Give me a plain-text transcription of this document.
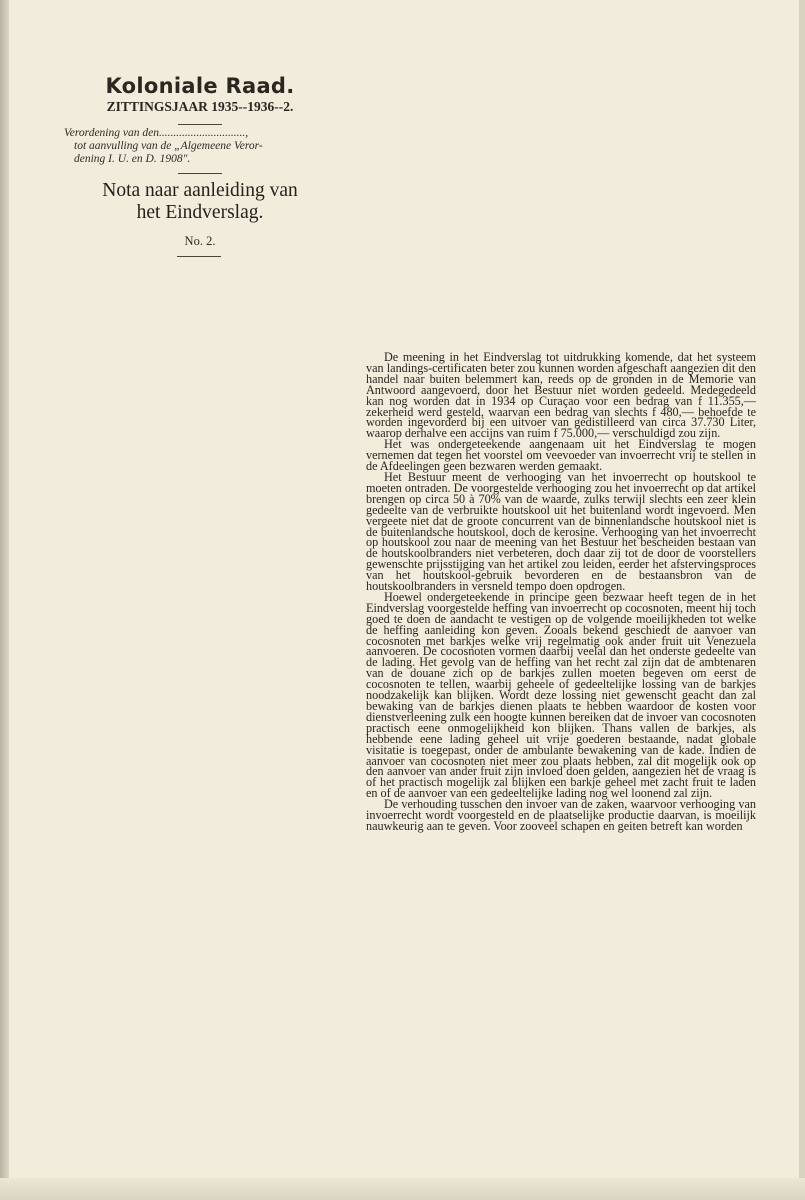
Koloniale Raad.
ZITTINGSJAAR 1935--1936--2.
Verordening van den..............................,
tot aanvulling van de „Algemeene Veror-
dening I. U. en D. 1908".
Nota naar aanleiding van
het Eindverslag.
No. 2.

De meening in het Eindverslag tot uitdrukking komende, dat het systeem van landings-certificaten beter zou kunnen worden afgeschaft aangezien dit den handel naar buiten belemmert kan, reeds op de gronden in de Memorie van Antwoord aangevoerd, door het Bestuur niet worden gedeeld. Medegedeeld kan nog worden dat in 1934 op Curaçao voor een bedrag van f 11.355,— zekerheid werd gesteld, waarvan een bedrag van slechts f 480,— behoefde te worden ingevorderd bij een uitvoer van gedistilleerd van circa 37.730 Liter, waarop derhalve een accijns van ruim f 75.000,— verschuldigd zou zijn.

Het was ondergeteekende aangenaam uit het Eindverslag te mogen vernemen dat tegen het voorstel om veevoeder van invoerrecht vrij te stellen in de Afdeelingen geen bezwaren werden gemaakt.

Het Bestuur meent de verhooging van het invoerrecht op houtskool te moeten ontraden. De voorgestelde verhooging zou het invoerrecht op dat artikel brengen op circa 50 à 70% van de waarde, zulks terwijl slechts een zeer klein gedeelte van de verbruikte houtskool uit het buitenland wordt ingevoerd. Men vergeete niet dat de groote concurrent van de binnenlandsche houtskool niet is de buitenlandsche houtskool, doch de kerosine. Verhooging van het invoerrecht op houtskool zou naar de meening van het Bestuur het bescheiden bestaan van de houtskoolbranders niet verbeteren, doch daar zij tot de door de voorstellers gewenschte prijsstijging van het artikel zou leiden, eerder het afstervingsproces van het houtskool-gebruik bevorderen en de bestaansbron van de houtskoolbranders in versneld tempo doen opdrogen.

Hoewel ondergeteekende in principe geen bezwaar heeft tegen de in het Eindverslag voorgestelde heffing van invoerrecht op cocosnoten, meent hij toch goed te doen de aandacht te vestigen op de volgende moeilijkheden tot welke de heffing aanleiding kon geven. Zooals bekend geschiedt de aanvoer van cocosnoten met barkjes welke vrij regelmatig ook ander fruit uit Venezuela aanvoeren. De cocosnoten vormen daarbij veelal dan het onderste gedeelte van de lading. Het gevolg van de heffing van het recht zal zijn dat de ambtenaren van de douane zich op de barkjes zullen moeten begeven om eerst de cocosnoten te tellen, waarbij geheele of gedeeltelijke lossing van de barkjes noodzakelijk kan blijken. Wordt deze lossing niet gewenscht geacht dan zal bewaking van de barkjes dienen plaats te hebben waardoor de kosten voor dienstverleening zulk een hoogte kunnen bereiken dat de invoer van cocosnoten practisch eene onmogelijkheid kon blijken. Thans vallen de barkjes, als hebbende eene lading geheel uit vrije goederen bestaande, nadat globale visitatie is toegepast, onder de ambulante bewakening van de kade. Indien de aanvoer van cocosnoten niet meer zou plaats hebben, zal dit mogelijk ook op den aanvoer van ander fruit zijn invloed doen gelden, aangezien het de vraag is of het practisch mogelijk zal blijken een barkje geheel met zacht fruit te laden en of de aanvoer van een gedeeltelijke lading nog wel loonend zal zijn.

De verhouding tusschen den invoer van de zaken, waarvoor verhooging van invoerrecht wordt voorgesteld en de plaatselijke productie daarvan, is moeilijk nauwkeurig aan te geven. Voor zooveel schapen en geiten betreft kan worden
